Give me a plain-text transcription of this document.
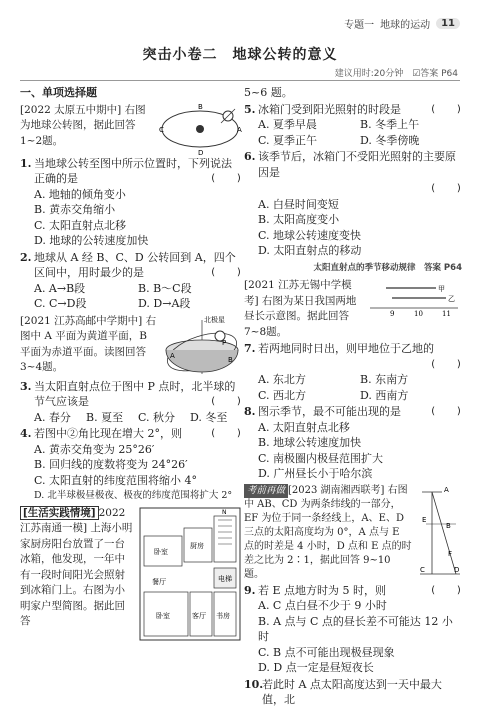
专题一 地球的运动	11
突击小卷二　地球公转的意义
建议用时:20分钟　☑答案 P64
一、单项选择题
[2022 太原五中期中] 右图为地球公转图，据此回答1~2题。
C	A
B
D
1. 当地球公转至图中所示位置时，下列说法正确的是	(　　)
A. 地轴的倾角变小
B. 黄赤交角缩小
C. 太阳直射点北移
D. 地球的公转速度加快
2. 地球从 A 经 B、C、D 公转回到 A，四个区间中，用时最少的是	(　　)
A. A→B段	B. B～C段
C. C→D段	D. D→A段
[2021 江苏高邮中学期中] 右图中 A 平面为黄道平面，B 平面为赤道平面。读图回答3~4题。
北极星
P
A	B
3. 当太阳直射点位于图中 P 点时，北半球的节气应该是	(　　)
A. 春分	B. 夏至	C. 秋分	D. 冬至
4. 若图中②角比现在增大 2°，则	(　　)
A. 黄赤交角变为 25°26′
B. 回归线的度数将变为 24°26′
C. 太阳直射的纬度范围将缩小 4°
D. 北半球极昼极夜、极夜的纬度范围将扩大 2°
[生活实践情境] 2022 江苏南通一模] 上海小明家厨房阳台放置了一台冰箱，他发现，一年中有一段时间阳光会照射到冰箱门上。右图为小明家户型简图。据此回答
厨房
卧室
餐厅	电梯
卧室	客厅 书房
N
5~6 题。
5. 冰箱门受到阳光照射的时段是	(　　)
A. 夏季早晨	B. 冬季上午
C. 夏季正午	D. 冬季傍晚
6. 该季节后，冰箱门不受阳光照射的主要原因是
(　　)
A. 白昼时间变短
B. 太阳高度变小
C. 地球公转速度变快
D. 太阳直射点的移动
太阳直射点的季节移动规律　答案 P64
[2021 江苏无锡中学模考] 右图为某日我国两地昼长示意图。据此回答7~8题。
甲
乙
9	10	11
7. 若两地同时日出，则甲地位于乙地的
(　　)
A. 东北方	B. 东南方
C. 西北方	D. 西南方
8. 图示季节，最不可能出现的是	(　　)
A. 太阳直射点北移
B. 地球公转速度加快
C. 南极圈内极昼范围扩大
D. 广州昼长小于哈尔滨
考前再做 [2023 湖南湘西联考] 右图中 AB、CD 为两条纬线的一部分，EF 为位于同一条经线上，A、E、D 三点的太阳高度均为 0°，A 点与 E 点的时差是 4 小时，D 点和 E 点的时差之比为 2∶1，据此回答 9~10 题。
A
B
E
F
C	D
9. 若 E 点地方时为 5 时，则	(　　)
A. C 点白昼不少于 9 小时
B. A 点与 C 点的昼长差不可能达 12 小时
C. B 点不可能出现极昼现象
D. D 点一定是昼短夜长
10.
若此时 A 点太阳高度达到一天中最大值，北
